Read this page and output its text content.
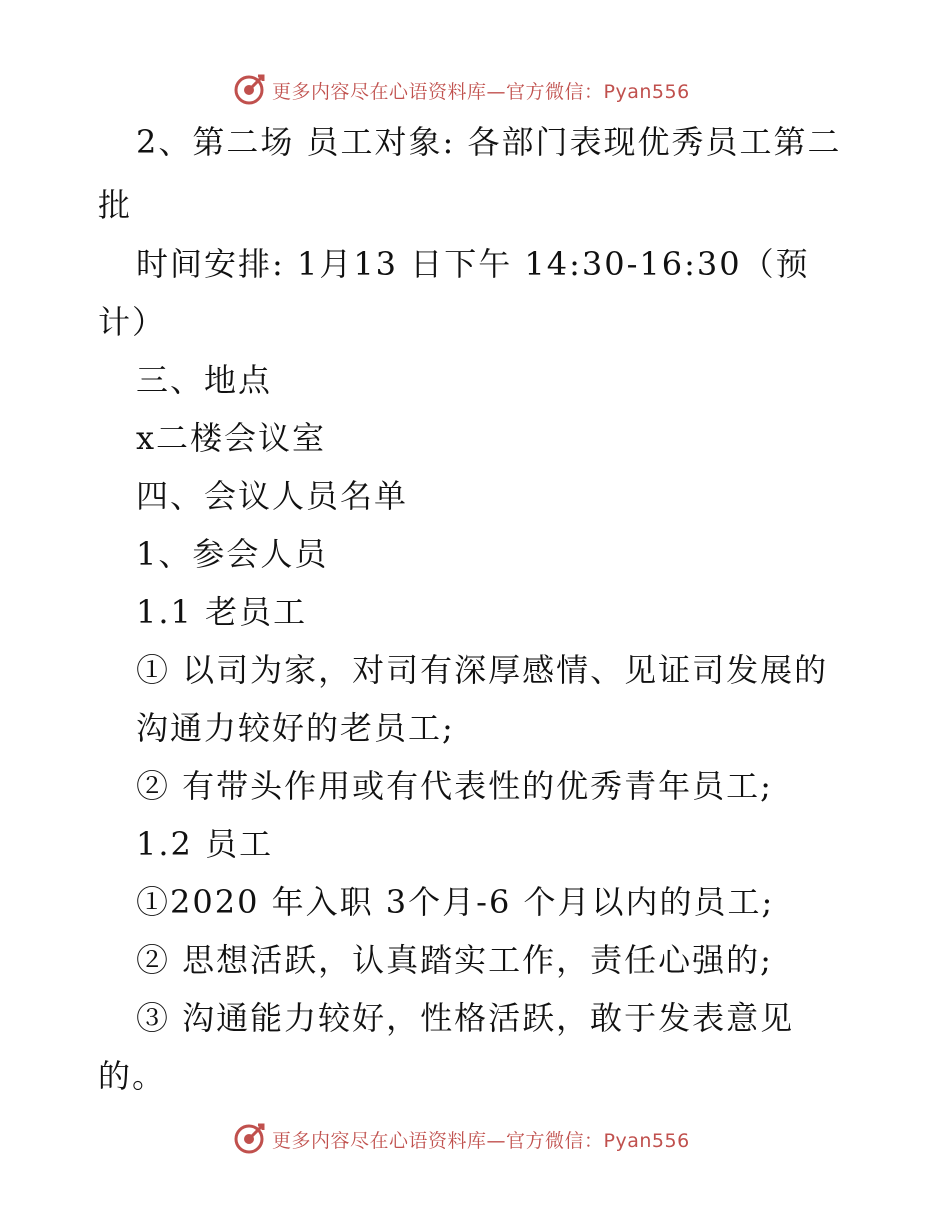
更多内容尽在心语资料库—官方微信：Pyan556
2、第二场 员工对象: 各部门表现优秀员工第二
批
时间安排: 1月13 日下午 14:30-16:30（预
计）
三、地点
x二楼会议室
四、会议人员名单
1、参会人员
1.1 老员工
① 以司为家，对司有深厚感情、见证司发展的
沟通力较好的老员工;
② 有带头作用或有代表性的优秀青年员工;
1.2 员工
①2020 年入职 3个月-6 个月以内的员工;
② 思想活跃，认真踏实工作，责任心强的;
③ 沟通能力较好，性格活跃，敢于发表意见
的。
更多内容尽在心语资料库—官方微信：Pyan556
